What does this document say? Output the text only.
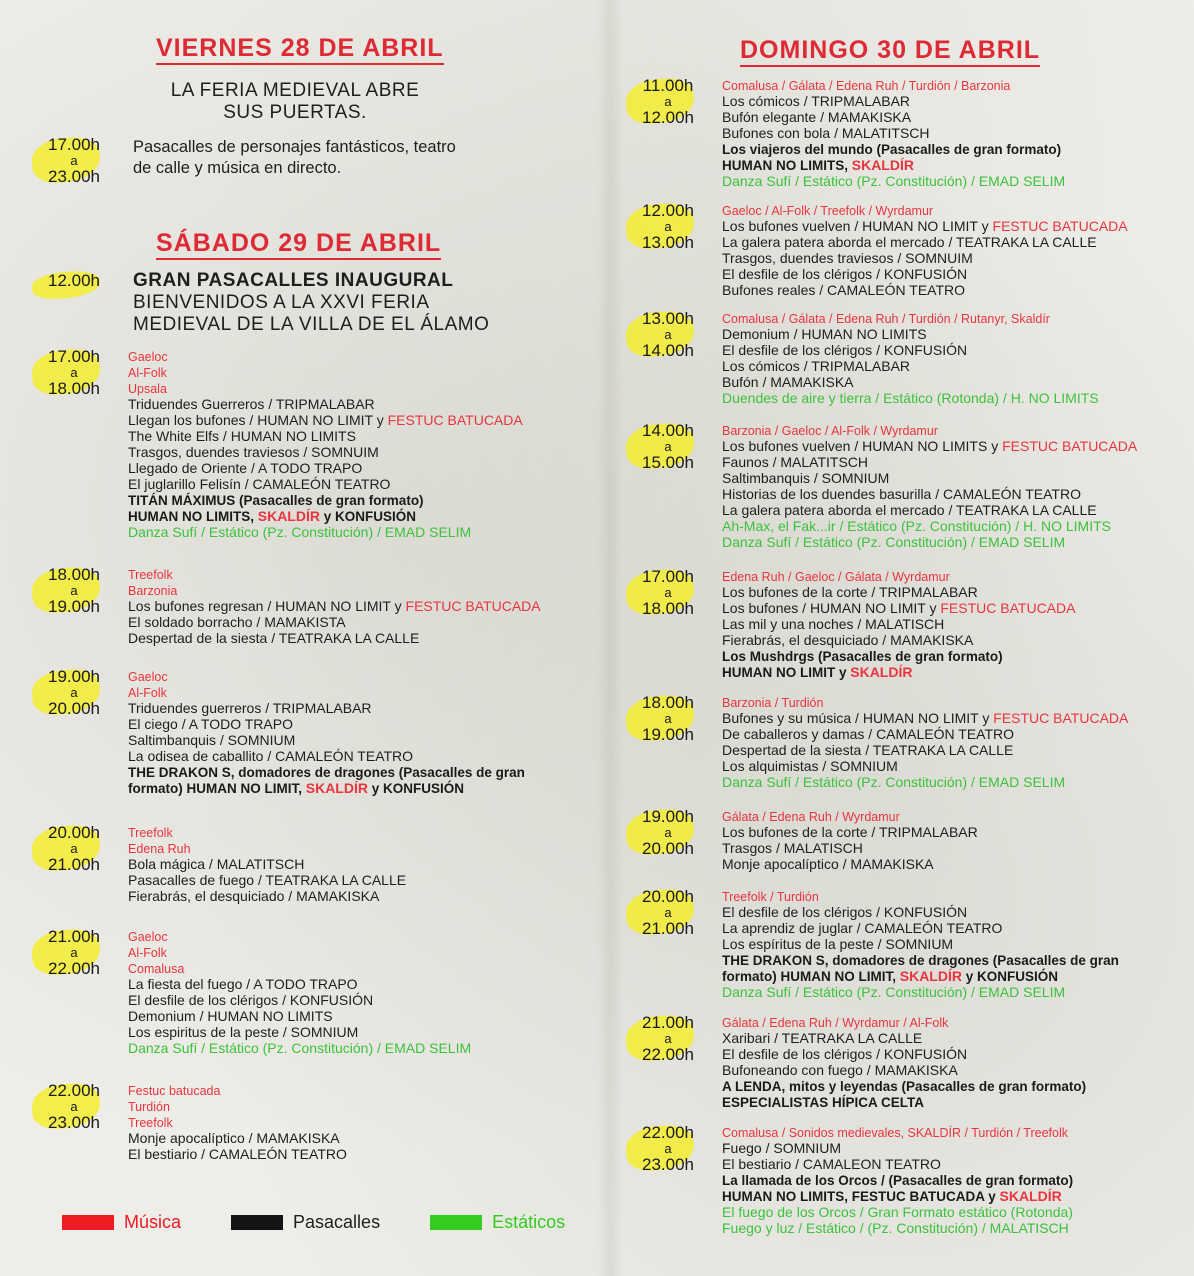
VIERNES 28 DE ABRIL
LA FERIA MEDIEVAL ABRE
SUS PUERTAS.
17.00h
a
23.00h
Pasacalles de personajes fantásticos, teatro
de calle y música en directo.
SÁBADO 29 DE ABRIL
12.00h	GRAN PASACALLES INAUGURAL
BIENVENIDOS A LA XXVI FERIA
MEDIEVAL DE LA VILLA DE EL ÁLAMO
17.00h
a
18.00h
Gaeloc
Al-Folk
Upsala
Triduendes Guerreros / TRIPMALABAR
Llegan los bufones / HUMAN NO LIMIT y FESTUC BATUCADA
The White Elfs / HUMAN NO LIMITS
Trasgos, duendes traviesos / SOMNUIM
Llegado de Oriente / A TODO TRAPO
El juglarillo Felisín / CAMALEÓN TEATRO
TITÁN MÁXIMUS (Pasacalles de gran formato)
HUMAN NO LIMITS, SKALDÍR y KONFUSIÓN
Danza Sufí / Estático (Pz. Constitución) / EMAD SELIM
18.00h
a
19.00h
Treefolk
Barzonia
Los bufones regresan / HUMAN NO LIMIT y FESTUC BATUCADA
El soldado borracho / MAMAKISTA
Despertad de la siesta / TEATRAKA LA CALLE
19.00h
a
20.00h
Gaeloc
Al-Folk
Triduendes guerreros / TRIPMALABAR
El ciego / A TODO TRAPO
Saltimbanquis / SOMNIUM
La odisea de caballito / CAMALEÓN TEATRO
THE DRAKON S, domadores de dragones (Pasacalles de gran
formato) HUMAN NO LIMIT, SKALDÍR y KONFUSIÓN
20.00h
a
21.00h
Treefolk
Edena Ruh
Bola mágica / MALATITSCH
Pasacalles de fuego / TEATRAKA LA CALLE
Fierabrás, el desquiciado / MAMAKISKA
21.00h
a
22.00h
Gaeloc
Al-Folk
Comalusa
La fiesta del fuego / A TODO TRAPO
El desfile de los clérigos / KONFUSIÓN
Demonium / HUMAN NO LIMITS
Los espiritus de la peste / SOMNIUM
Danza Sufí / Estático (Pz. Constitución) / EMAD SELIM
22.00h
a
23.00h
Festuc batucada
Turdión
Treefolk
Monje apocalíptico / MAMAKISKA
El bestiario / CAMALEÓN TEATRO
Música	Pasacalles	Estáticos
DOMINGO 30 DE ABRIL
11.00h
a
12.00h
Comalusa / Gálata / Edena Ruh / Turdión / Barzonia
Los cómicos / TRIPMALABAR
Bufón elegante / MAMAKISKA
Bufones con bola / MALATITSCH
Los viajeros del mundo (Pasacalles de gran formato)
HUMAN NO LIMITS, SKALDÍR
Danza Sufí / Estático (Pz. Constitución) / EMAD SELIM
12.00h
a
13.00h
Gaeloc / Al-Folk / Treefolk / Wyrdamur
Los bufones vuelven / HUMAN NO LIMIT y FESTUC BATUCADA
La galera patera aborda el mercado / TEATRAKA LA CALLE
Trasgos, duendes traviesos / SOMNUIM
El desfile de los clérigos / KONFUSIÓN
Bufones reales / CAMALEÓN TEATRO
13.00h
a
14.00h
Comalusa / Gálata / Edena Ruh / Turdión / Rutanyr, Skaldír
Demonium / HUMAN NO LIMITS
El desfile de los clérigos / KONFUSIÓN
Los cómicos / TRIPMALABAR
Bufón / MAMAKISKA
Duendes de aire y tierra / Estático (Rotonda) / H. NO LIMITS
14.00h
a
15.00h
Barzonia / Gaeloc / Al-Folk / Wyrdamur
Los bufones vuelven / HUMAN NO LIMITS y FESTUC BATUCADA
Faunos / MALATITSCH
Saltimbanquis / SOMNIUM
Historias de los duendes basurilla / CAMALEÓN TEATRO
La galera patera aborda el mercado / TEATRAKA LA CALLE
Ah-Max, el Fak...ir / Estático (Pz. Constitución) / H. NO LIMITS
Danza Sufí / Estático (Pz. Constitución) / EMAD SELIM
17.00h
a
18.00h
Edena Ruh / Gaeloc / Gálata / Wyrdamur
Los bufones de la corte / TRIPMALABAR
Los bufones / HUMAN NO LIMIT y FESTUC BATUCADA
Las mil y una noches / MALATISCH
Fierabrás, el desquiciado / MAMAKISKA
Los Mushdrgs (Pasacalles de gran formato)
HUMAN NO LIMIT y SKALDÍR
18.00h
a
19.00h
Barzonia / Turdión
Bufones y su música / HUMAN NO LIMIT y FESTUC BATUCADA
De caballeros y damas / CAMALEÓN TEATRO
Despertad de la siesta / TEATRAKA LA CALLE
Los alquimistas / SOMNIUM
Danza Sufí / Estático (Pz. Constitución) / EMAD SELIM
19.00h
a
20.00h
Gálata / Edena Ruh / Wyrdamur
Los bufones de la corte / TRIPMALABAR
Trasgos / MALATISCH
Monje apocalíptico / MAMAKISKA
20.00h
a
21.00h
Treefolk / Turdión
El desfile de los clérigos / KONFUSIÓN
La aprendiz de juglar / CAMALEÓN TEATRO
Los espíritus de la peste / SOMNIUM
THE DRAKON S, domadores de dragones (Pasacalles de gran
formato) HUMAN NO LIMIT, SKALDÍR y KONFUSIÓN
Danza Sufí / Estático (Pz. Constitución) / EMAD SELIM
21.00h
a
22.00h
Gálata / Edena Ruh / Wyrdamur / Al-Folk
Xaribari / TEATRAKA LA CALLE
El desfile de los clérigos / KONFUSIÓN
Bufoneando con fuego / MAMAKISKA
A LENDA, mitos y leyendas (Pasacalles de gran formato)
ESPECIALISTAS HÍPICA CELTA
22.00h
a
23.00h
Comalusa / Sonidos medievales, SKALDÍR / Turdión / Treefolk
Fuego / SOMNIUM
El bestiario / CAMALEON TEATRO
La llamada de los Orcos / (Pasacalles de gran formato)
HUMAN NO LIMITS, FESTUC BATUCADA y SKALDÍR
El fuego de los Orcos / Gran Formato estático (Rotonda)
Fuego y luz / Estático / (Pz. Constitución) / MALATISCH
